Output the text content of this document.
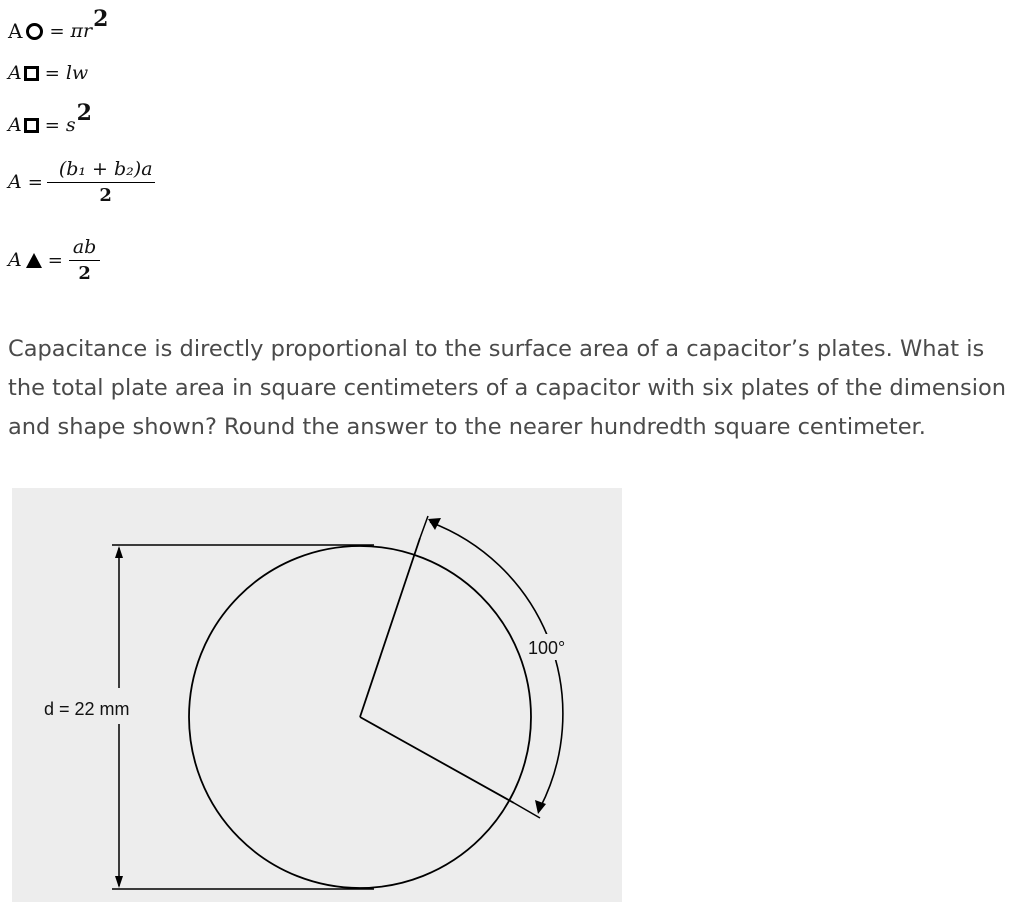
A = πr 2
A = lw
A = s 2
$A = \frac{\text{(b₁ + b₂)a}}{2}$
$A = \frac{ab}{2}$

Capacitance is directly proportional to the surface area of a capacitor’s plates. What is the total plate area in square centimeters of a capacitor with six plates of the dimension and shape shown? Round the answer to the nearer hundredth square centimeter.

d = 22 mm
100°
